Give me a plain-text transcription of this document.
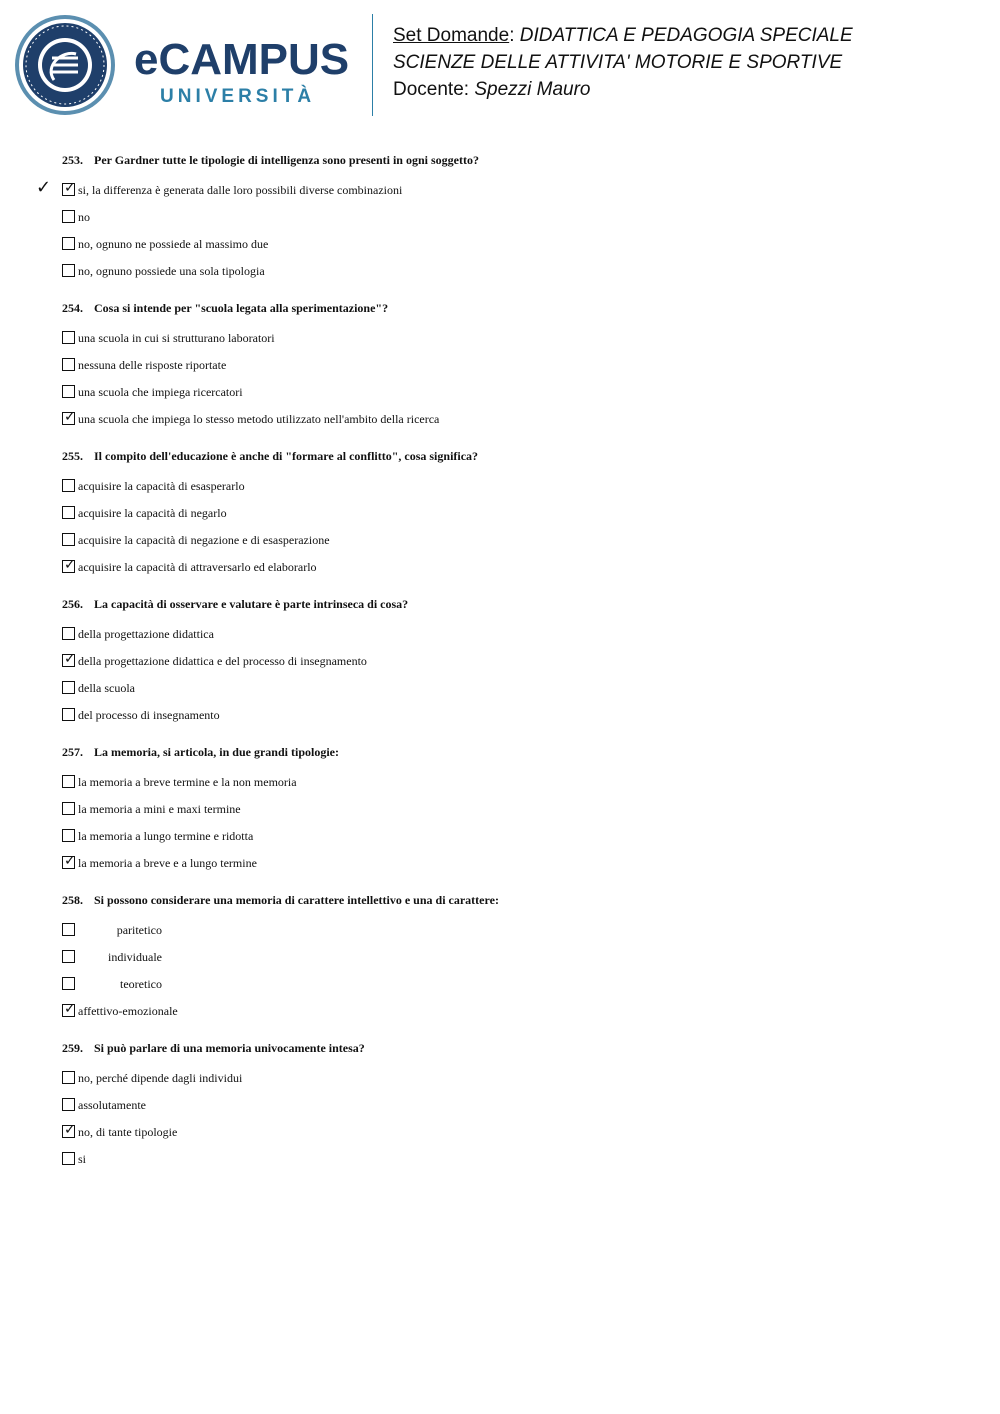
eCAMPUS
UNIVERSITÀ
Set Domande: DIDATTICA E PEDAGOGIA SPECIALE
SCIENZE DELLE ATTIVITA' MOTORIE E SPORTIVE
Docente: Spezzi Mauro
253. Per Gardner tutte le tipologie di intelligenza sono presenti in ogni soggetto?
✓ ✓ si, la differenza è generata dalle loro possibili diverse combinazioni
no
no, ognuno ne possiede al massimo due
no, ognuno possiede una sola tipologia
254. Cosa si intende per "scuola legata alla sperimentazione"?
una scuola in cui si strutturano laboratori
nessuna delle risposte riportate
una scuola che impiega ricercatori
✓ una scuola che impiega lo stesso metodo utilizzato nell'ambito della ricerca
255. Il compito dell'educazione è anche di "formare al conflitto", cosa significa?
acquisire la capacità di esasperarlo
acquisire la capacità di negarlo
acquisire la capacità di negazione e di esasperazione
✓ acquisire la capacità di attraversarlo ed elaborarlo
256. La capacità di osservare e valutare è parte intrinseca di cosa?
della progettazione didattica
✓ della progettazione didattica e del processo di insegnamento
della scuola
del processo di insegnamento
257. La memoria, si articola, in due grandi tipologie:
la memoria a breve termine e la non memoria
la memoria a mini e maxi termine
la memoria a lungo termine e ridotta
✓ la memoria a breve e a lungo termine
258. Si possono considerare una memoria di carattere intellettivo e una di carattere:
paritetico
individuale
teoretico
✓ affettivo-emozionale
259. Si può parlare di una memoria univocamente intesa?
no, perché dipende dagli individui
assolutamente
✓ no, di tante tipologie
si
